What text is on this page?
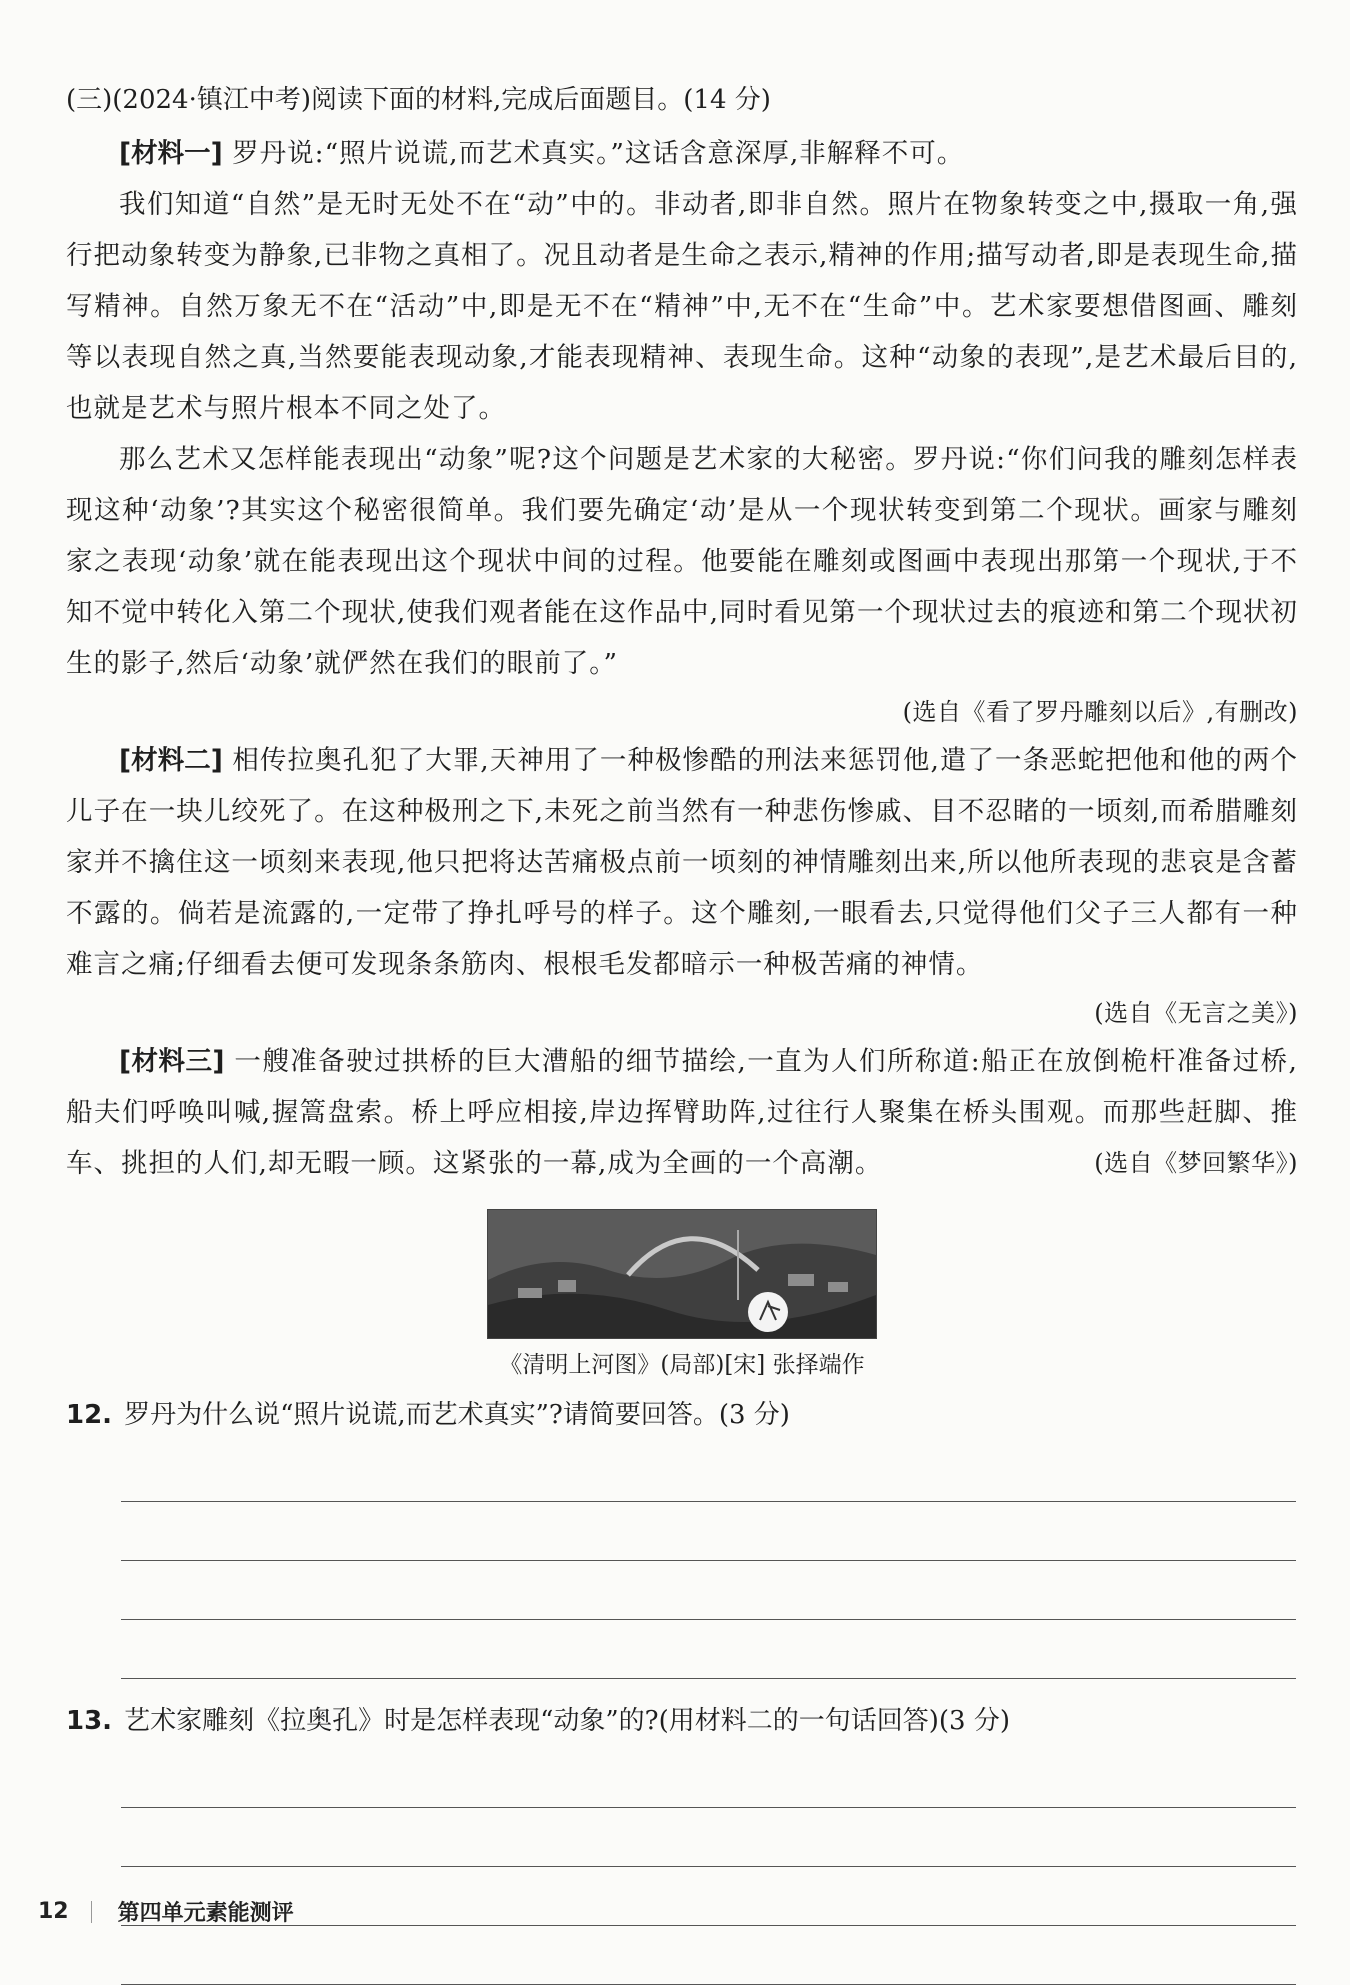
(三)(2024·镇江中考)阅读下面的材料,完成后面题目。(14 分)

[材料一] 罗丹说:“照片说谎,而艺术真实。”这话含意深厚,非解释不可。

我们知道“自然”是无时无处不在“动”中的。非动者,即非自然。照片在物象转变之中,摄取一角,强行把动象转变为静象,已非物之真相了。况且动者是生命之表示,精神的作用;描写动者,即是表现生命,描写精神。自然万象无不在“活动”中,即是无不在“精神”中,无不在“生命”中。艺术家要想借图画、雕刻等以表现自然之真,当然要能表现动象,才能表现精神、表现生命。这种“动象的表现”,是艺术最后目的,也就是艺术与照片根本不同之处了。

那么艺术又怎样能表现出“动象”呢?这个问题是艺术家的大秘密。罗丹说:“你们问我的雕刻怎样表现这种‘动象’?其实这个秘密很简单。我们要先确定‘动’是从一个现状转变到第二个现状。画家与雕刻家之表现‘动象’就在能表现出这个现状中间的过程。他要能在雕刻或图画中表现出那第一个现状,于不知不觉中转化入第二个现状,使我们观者能在这作品中,同时看见第一个现状过去的痕迹和第二个现状初生的影子,然后‘动象’就俨然在我们的眼前了。”

(选自《看了罗丹雕刻以后》,有删改)

[材料二] 相传拉奥孔犯了大罪,天神用了一种极惨酷的刑法来惩罚他,遣了一条恶蛇把他和他的两个儿子在一块儿绞死了。在这种极刑之下,未死之前当然有一种悲伤惨戚、目不忍睹的一顷刻,而希腊雕刻家并不擒住这一顷刻来表现,他只把将达苦痛极点前一顷刻的神情雕刻出来,所以他所表现的悲哀是含蓄不露的。倘若是流露的,一定带了挣扎呼号的样子。这个雕刻,一眼看去,只觉得他们父子三人都有一种难言之痛;仔细看去便可发现条条筋肉、根根毛发都暗示一种极苦痛的神情。

(选自《无言之美》)

[材料三] 一艘准备驶过拱桥的巨大漕船的细节描绘,一直为人们所称道:船正在放倒桅杆准备过桥,船夫们呼唤叫喊,握篙盘索。桥上呼应相接,岸边挥臂助阵,过往行人聚集在桥头围观。而那些赶脚、推车、挑担的人们,却无暇一顾。这紧张的一幕,成为全画的一个高潮。	(选自《梦回繁华》)

《清明上河图》(局部)[宋] 张择端作

12. 罗丹为什么说“照片说谎,而艺术真实”?请简要回答。(3 分)

13. 艺术家雕刻《拉奥孔》时是怎样表现“动象”的?(用材料二的一句话回答)(3 分)

12 第四单元素能测评
